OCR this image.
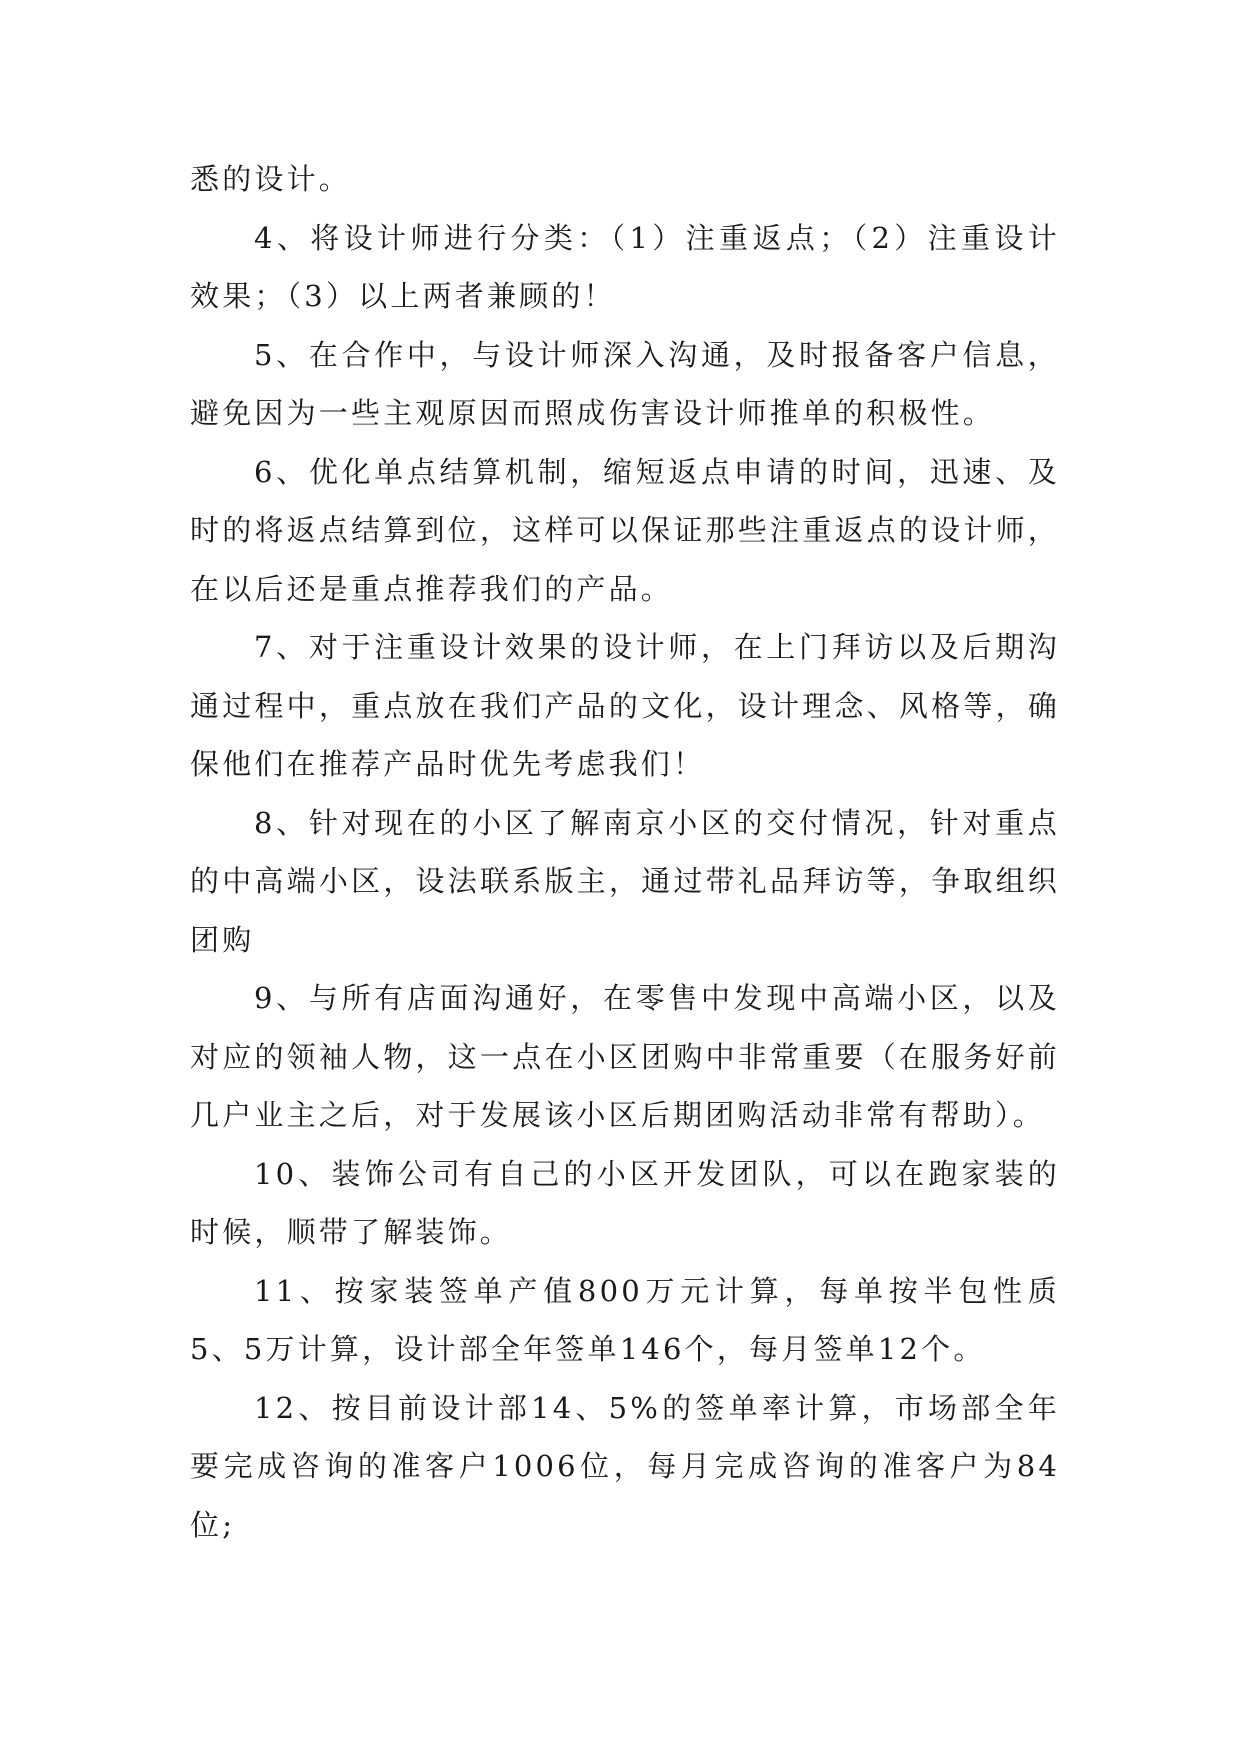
悉的设计。

4、将设计师进行分类：（1）注重返点；（2）注重设计效果；（3）以上两者兼顾的！

5、在合作中，与设计师深入沟通，及时报备客户信息，避免因为一些主观原因而照成伤害设计师推单的积极性。

6、优化单点结算机制，缩短返点申请的时间，迅速、及时的将返点结算到位，这样可以保证那些注重返点的设计师，在以后还是重点推荐我们的产品。

7、对于注重设计效果的设计师，在上门拜访以及后期沟通过程中，重点放在我们产品的文化，设计理念、风格等，确保他们在推荐产品时优先考虑我们！

8、针对现在的小区了解南京小区的交付情况，针对重点的中高端小区，设法联系版主，通过带礼品拜访等，争取组织团购

9、与所有店面沟通好，在零售中发现中高端小区，以及对应的领袖人物，这一点在小区团购中非常重要（在服务好前几户业主之后，对于发展该小区后期团购活动非常有帮助）。

10、装饰公司有自己的小区开发团队，可以在跑家装的时候，顺带了解装饰。

11、按家装签单产值800万元计算，每单按半包性质5、5万计算，设计部全年签单146个，每月签单12个。

12、按目前设计部14、5%的签单率计算，市场部全年要完成咨询的准客户1006位，每月完成咨询的准客户为84位;
